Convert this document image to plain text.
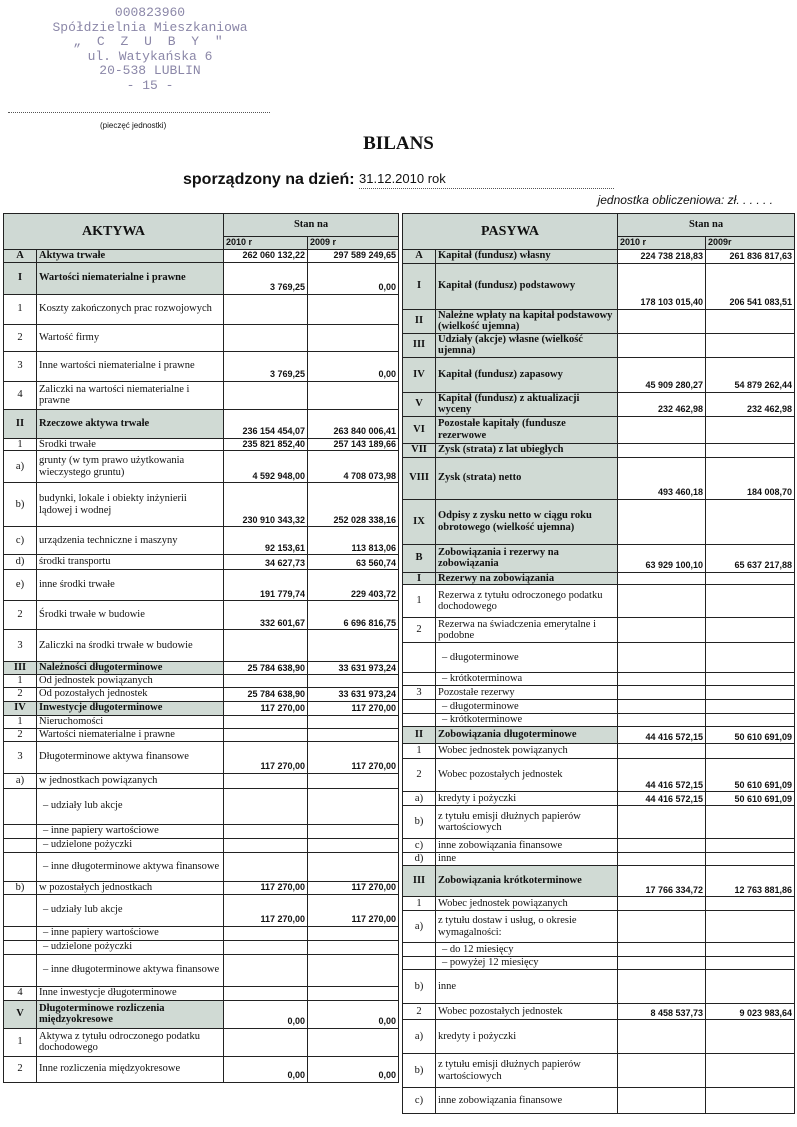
000823960
Spółdzielnia Mieszkaniowa
„ C Z U B Y "
ul. Watykańska 6
20-538 LUBLIN
- 15 -
(pieczęć jednostki)
BILANS
sporządzony na dzień: 31.12.2010 rok
jednostka obliczeniowa: zł. . . . . .
AKTYWA		Stan na	
		2010 r	2009 r
A	Aktywa trwałe	262 060 132,22	297 589 249,65
I	Wartości niematerialne i prawne	3 769,25	0,00
1	Koszty zakończonych prac rozwojowych		
2	Wartość firmy		
3	Inne wartości niematerialne i prawne	3 769,25	0,00
4	Zaliczki na wartości niematerialne i prawne		
II	Rzeczowe aktywa trwałe	236 154 454,07	263 840 006,41
1	Środki trwałe	235 821 852,40	257 143 189,66
a)	grunty (w tym prawo użytkowania wieczystego gruntu)	4 592 948,00	4 708 073,98
b)	budynki, lokale i obiekty inżynierii lądowej i wodnej	230 910 343,32	252 028 338,16
c)	urządzenia techniczne i maszyny	92 153,61	113 813,06
d)	środki transportu	34 627,73	63 560,74
e)	inne środki trwałe	191 779,74	229 403,72
2	Środki trwałe w budowie	332 601,67	6 696 816,75
3	Zaliczki na środki trwałe w budowie		
III	Należności długoterminowe	25 784 638,90	33 631 973,24
1	Od jednostek powiązanych		
2	Od pozostałych jednostek	25 784 638,90	33 631 973,24
IV	Inwestycje długoterminowe	117 270,00	117 270,00
1	Nieruchomości		
2	Wartości niematerialne i prawne		
3	Długoterminowe aktywa finansowe	117 270,00	117 270,00
a)	w jednostkach powiązanych		
	– udziały lub akcje		
	– inne papiery wartościowe		
	– udzielone pożyczki		
	– inne długoterminowe aktywa finansowe		
b)	w pozostałych jednostkach	117 270,00	117 270,00
	– udziały lub akcje	117 270,00	117 270,00
	– inne papiery wartościowe		
	– udzielone pożyczki		
	– inne długoterminowe aktywa finansowe		
4	Inne inwestycje długoterminowe		
V	Długoterminowe rozliczenia międzyokresowe	0,00	0,00
1	Aktywa z tytułu odroczonego podatku dochodowego		
2	Inne rozliczenia międzyokresowe	0,00	0,00
PASYWA		Stan na	
		2010 r	2009r
A	Kapitał (fundusz) własny	224 738 218,83	261 836 817,63
I	Kapitał (fundusz) podstawowy	178 103 015,40	206 541 083,51
II	Należne wpłaty na kapitał podstawowy (wielkość ujemna)		
III	Udziały (akcje) własne (wielkość ujemna)		
IV	Kapitał (fundusz) zapasowy	45 909 280,27	54 879 262,44
V	Kapitał (fundusz) z aktualizacji wyceny	232 462,98	232 462,98
VI	Pozostałe kapitały (fundusze rezerwowe		
VII	Zysk (strata) z lat ubiegłych		
VIII	Zysk (strata) netto	493 460,18	184 008,70
IX	Odpisy z zysku netto w ciągu roku obrotowego (wielkość ujemna)		
B	Zobowiązania i rezerwy na zobowiązania	63 929 100,10	65 637 217,88
I	Rezerwy na zobowiązania		
1	Rezerwa z tytułu odroczonego podatku dochodowego		
2	Rezerwa na świadczenia emerytalne i podobne		
	– długoterminowe		
	– krótkoterminowa		
3	Pozostałe rezerwy		
	– długoterminowe		
	– krótkoterminowe		
II	Zobowiązania długoterminowe	44 416 572,15	50 610 691,09
1	Wobec jednostek powiązanych		
2	Wobec pozostałych jednostek	44 416 572,15	50 610 691,09
a)	kredyty i pożyczki	44 416 572,15	50 610 691,09
b)	z tytułu emisji dłużnych papierów wartościowych		
c)	inne zobowiązania finansowe		
d)	inne		
III	Zobowiązania krótkoterminowe	17 766 334,72	12 763 881,86
1	Wobec jednostek powiązanych		
a)	z tytułu dostaw i usług, o okresie wymagalności:		
	– do 12 miesięcy		
	– powyżej 12 miesięcy		
b)	inne		
2	Wobec pozostałych jednostek	8 458 537,73	9 023 983,64
a)	kredyty i pożyczki		
b)	z tytułu emisji dłużnych papierów wartościowych		
c)	inne zobowiązania finansowe		
